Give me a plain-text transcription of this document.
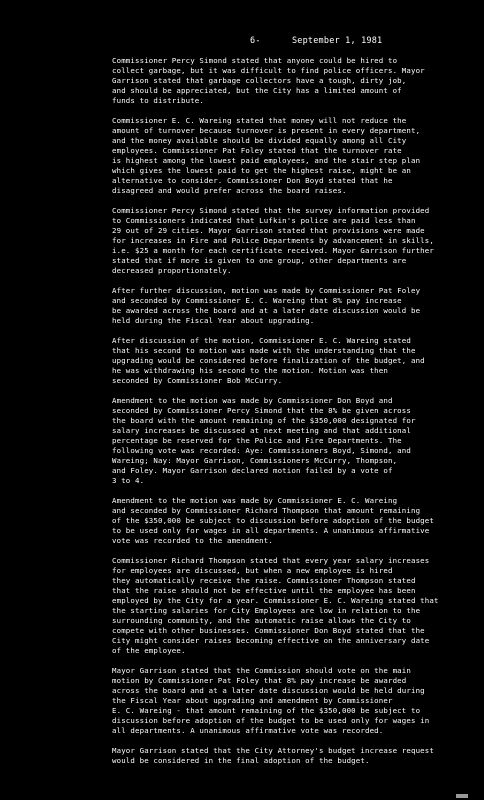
6-	September 1, 1981

Commissioner Percy Simond stated that anyone could be hired to
collect garbage, but it was difficult to find police officers. Mayor
Garrison stated that garbage collectors have a tough, dirty job,
and should be appreciated, but the City has a limited amount of
funds to distribute.

Commissioner E. C. Wareing stated that money will not reduce the
amount of turnover because turnover is present in every department,
and the money available should be divided equally among all City
employees. Commissioner Pat Foley stated that the turnover rate
is highest among the lowest paid employees, and the stair step plan
which gives the lowest paid to get the highest raise, might be an
alternative to consider. Commissioner Don Boyd stated that he
disagreed and would prefer across the board raises.

Commissioner Percy Simond stated that the survey information provided
to Commissioners indicated that Lufkin's police are paid less than
29 out of 29 cities. Mayor Garrison stated that provisions were made
for increases in Fire and Police Departments by advancement in skills,
i.e. $25 a month for each certificate received. Mayor Garrison further
stated that if more is given to one group, other departments are
decreased proportionately.

After further discussion, motion was made by Commissioner Pat Foley
and seconded by Commissioner E. C. Wareing that 8% pay increase
be awarded across the board and at a later date discussion would be
held during the Fiscal Year about upgrading.

After discussion of the motion, Commissioner E. C. Wareing stated
that his second to motion was made with the understanding that the
upgrading would be considered before finalization of the budget, and
he was withdrawing his second to the motion. Motion was then
seconded by Commissioner Bob McCurry.

Amendment to the motion was made by Commissioner Don Boyd and
seconded by Commissioner Percy Simond that the 8% be given across
the board with the amount remaining of the $350,000 designated for
salary increases be discussed at next meeting and that additional
percentage be reserved for the Police and Fire Departments. The
following vote was recorded: Aye: Commissioners Boyd, Simond, and
Wareing; Nay: Mayor Garrison, Commissioners McCurry, Thompson,
and Foley. Mayor Garrison declared motion failed by a vote of
3 to 4.

Amendment to the motion was made by Commissioner E. C. Wareing
and seconded by Commissioner Richard Thompson that amount remaining
of the $350,000 be subject to discussion before adoption of the budget
to be used only for wages in all departments. A unanimous affirmative
vote was recorded to the amendment.

Commissioner Richard Thompson stated that every year salary increases
for employees are discussed, but when a new employee is hired
they automatically receive the raise. Commissioner Thompson stated
that the raise should not be effective until the employee has been
employed by the City for a year. Commissioner E. C. Wareing stated that
the starting salaries for City Employees are low in relation to the
surrounding community, and the automatic raise allows the City to
compete with other businesses. Commissioner Don Boyd stated that the
City might consider raises becoming effective on the anniversary date
of the employee.

Mayor Garrison stated that the Commission should vote on the main
motion by Commissioner Pat Foley that 8% pay increase be awarded
across the board and at a later date discussion would be held during
the Fiscal Year about upgrading and amendment by Commissioner
E. C. Wareing - that amount remaining of the $350,000 be subject to
discussion before adoption of the budget to be used only for wages in
all departments. A unanimous affirmative vote was recorded.

Mayor Garrison stated that the City Attorney's budget increase request
would be considered in the final adoption of the budget.
